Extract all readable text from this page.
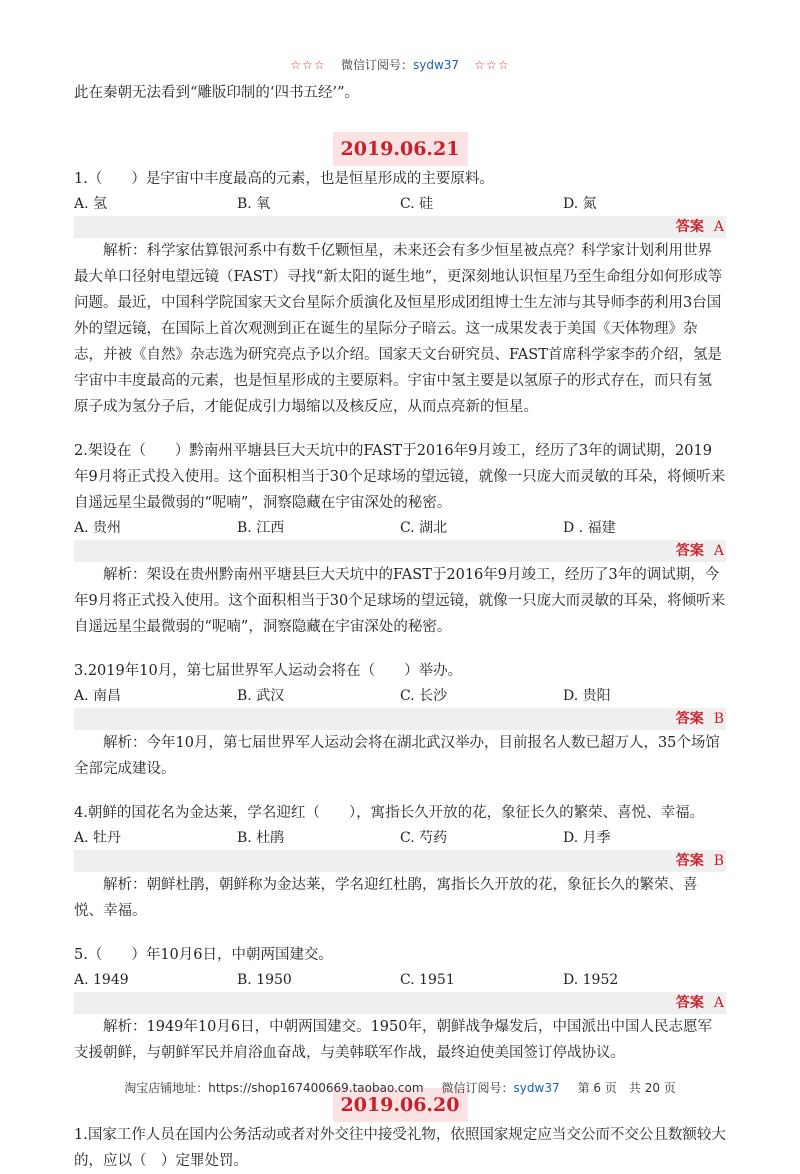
☆☆☆ 微信订阅号：sydw37 ☆☆☆

此在秦朝无法看到“雕版印制的‘四书五经’”。

2019.06.21

1.（　　）是宇宙中丰度最高的元素，也是恒星形成的主要原料。

A. 氢	B. 氧	C. 硅	D. 氮
答案 A

解析：科学家估算银河系中有数千亿颗恒星，未来还会有多少恒星被点亮？科学家计划利用世界最大单口径射电望远镜（FAST）寻找“新太阳的诞生地”，更深刻地认识恒星乃至生命组分如何形成等问题。最近，中国科学院国家天文台星际介质演化及恒星形成团组博士生左沛与其导师李菂利用3台国外的望远镜，在国际上首次观测到正在诞生的星际分子暗云。这一成果发表于美国《天体物理》杂志，并被《自然》杂志选为研究亮点予以介绍。国家天文台研究员、FAST首席科学家李菂介绍，氢是宇宙中丰度最高的元素，也是恒星形成的主要原料。宇宙中氢主要是以氢原子的形式存在，而只有氢原子成为氢分子后，才能促成引力塌缩以及核反应，从而点亮新的恒星。

2.架设在（　　）黔南州平塘县巨大天坑中的FAST于2016年9月竣工，经历了3年的调试期，2019年9月将正式投入使用。这个面积相当于30个足球场的望远镜，就像一只庞大而灵敏的耳朵，将倾听来自遥远星尘最微弱的“呢喃”，洞察隐藏在宇宙深处的秘密。

A. 贵州	B. 江西	C. 湖北	D . 福建
答案 A

解析：架设在贵州黔南州平塘县巨大天坑中的FAST于2016年9月竣工，经历了3年的调试期，今年9月将正式投入使用。这个面积相当于30个足球场的望远镜，就像一只庞大而灵敏的耳朵，将倾听来自遥远星尘最微弱的“呢喃”，洞察隐藏在宇宙深处的秘密。

3.2019年10月，第七届世界军人运动会将在（　　）举办。

A. 南昌	B. 武汉	C. 长沙	D. 贵阳
答案 B

解析：今年10月，第七届世界军人运动会将在湖北武汉举办，目前报名人数已超万人，35个场馆全部完成建设。

4.朝鲜的国花名为金达莱，学名迎红（　　），寓指长久开放的花，象征长久的繁荣、喜悦、幸福。

A. 牡丹	B. 杜鹃	C. 芍药	D. 月季
答案 B

解析：朝鲜杜鹃，朝鲜称为金达莱，学名迎红杜鹃，寓指长久开放的花，象征长久的繁荣、喜悦、幸福。

5.（　　）年10月6日，中朝两国建交。

A. 1949	B. 1950	C. 1951	D. 1952
答案 A

解析：1949年10月6日，中朝两国建交。1950年，朝鲜战争爆发后，中国派出中国人民志愿军支援朝鲜，与朝鲜军民并肩浴血奋战，与美韩联军作战，最终迫使美国签订停战协议。

2019.06.20

1.国家工作人员在国内公务活动或者对外交往中接受礼物，依照国家规定应当交公而不交公且数额较大的，应以（　）定罪处罚。

淘宝店铺地址：https://shop167400669.taobao.com 微信订阅号：sydw37 第 6 页　共 20 页
